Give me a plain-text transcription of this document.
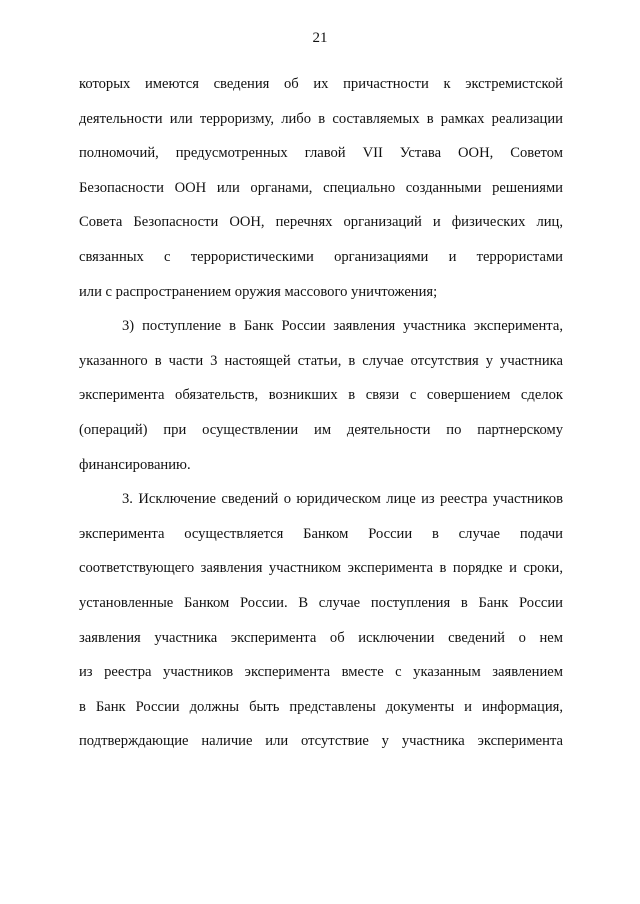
21
которых имеются сведения об их причастности к экстремистской
деятельности или терроризму, либо в составляемых в рамках реализации
полномочий, предусмотренных главой VII Устава ООН, Советом
Безопасности ООН или органами, специально созданными решениями
Совета Безопасности ООН, перечнях организаций и физических лиц,
связанных с террористическими организациями и террористами
или с распространением оружия массового уничтожения;
3) поступление в Банк России заявления участника эксперимента,
указанного в части 3 настоящей статьи, в случае отсутствия у участника
эксперимента обязательств, возникших в связи с совершением сделок
(операций) при осуществлении им деятельности по партнерскому
финансированию.
3. Исключение сведений о юридическом лице из реестра участников
эксперимента осуществляется Банком России в случае подачи
соответствующего заявления участником эксперимента в порядке и сроки,
установленные Банком России. В случае поступления в Банк России
заявления участника эксперимента об исключении сведений о нем
из реестра участников эксперимента вместе с указанным заявлением
в Банк России должны быть представлены документы и информация,
подтверждающие наличие или отсутствие у участника эксперимента
